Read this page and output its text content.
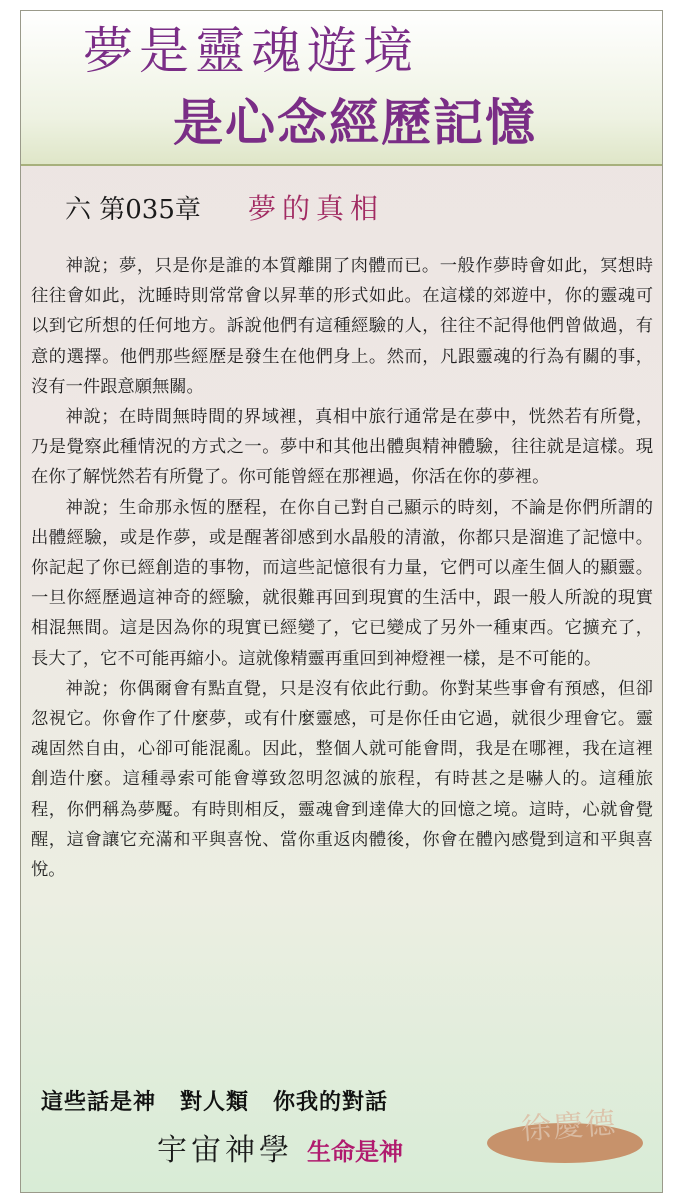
夢是靈魂遊境
是心念經歷記憶
六 第035章 夢的真相

神說；夢，只是你是誰的本質離開了肉體而已。一般作夢時會如此，冥想時往往會如此，沈睡時則常常會以昇華的形式如此。在這樣的郊遊中，你的靈魂可以到它所想的任何地方。訴說他們有這種經驗的人，往往不記得他們曾做過，有意的選擇。他們那些經歷是發生在他們身上。然而，凡跟靈魂的行為有關的事，沒有一件跟意願無關。

神說；在時間無時間的界域裡，真相中旅行通常是在夢中，恍然若有所覺，乃是覺察此種情況的方式之一。夢中和其他出體與精神體驗，往往就是這樣。現在你了解恍然若有所覺了。你可能曾經在那裡過，你活在你的夢裡。

神說；生命那永恆的歷程，在你自己對自己顯示的時刻，不論是你們所謂的出體經驗，或是作夢，或是醒著卻感到水晶般的清澈，你都只是溜進了記憶中。你記起了你已經創造的事物，而這些記憶很有力量，它們可以產生個人的顯靈。一旦你經歷過這神奇的經驗，就很難再回到現實的生活中，跟一般人所說的現實相混無間。這是因為你的現實已經變了，它已變成了另外一種東西。它擴充了，長大了，它不可能再縮小。這就像精靈再重回到神燈裡一樣，是不可能的。

神說；你偶爾會有點直覺，只是沒有依此行動。你對某些事會有預感，但卻忽視它。你會作了什麼夢，或有什麼靈感，可是你任由它過，就很少理會它。靈魂固然自由，心卻可能混亂。因此，整個人就可能會問，我是在哪裡，我在這裡創造什麼。這種尋索可能會導致忽明忽滅的旅程，有時甚之是嚇人的。這種旅程，你們稱為夢魘。有時則相反，靈魂會到達偉大的回憶之境。這時，心就會覺醒，這會讓它充滿和平與喜悅、當你重返肉體後，你會在體內感覺到這和平與喜悅。

這些話是神 對人類 你我的對話
宇宙神學 生命是神
徐慶德
